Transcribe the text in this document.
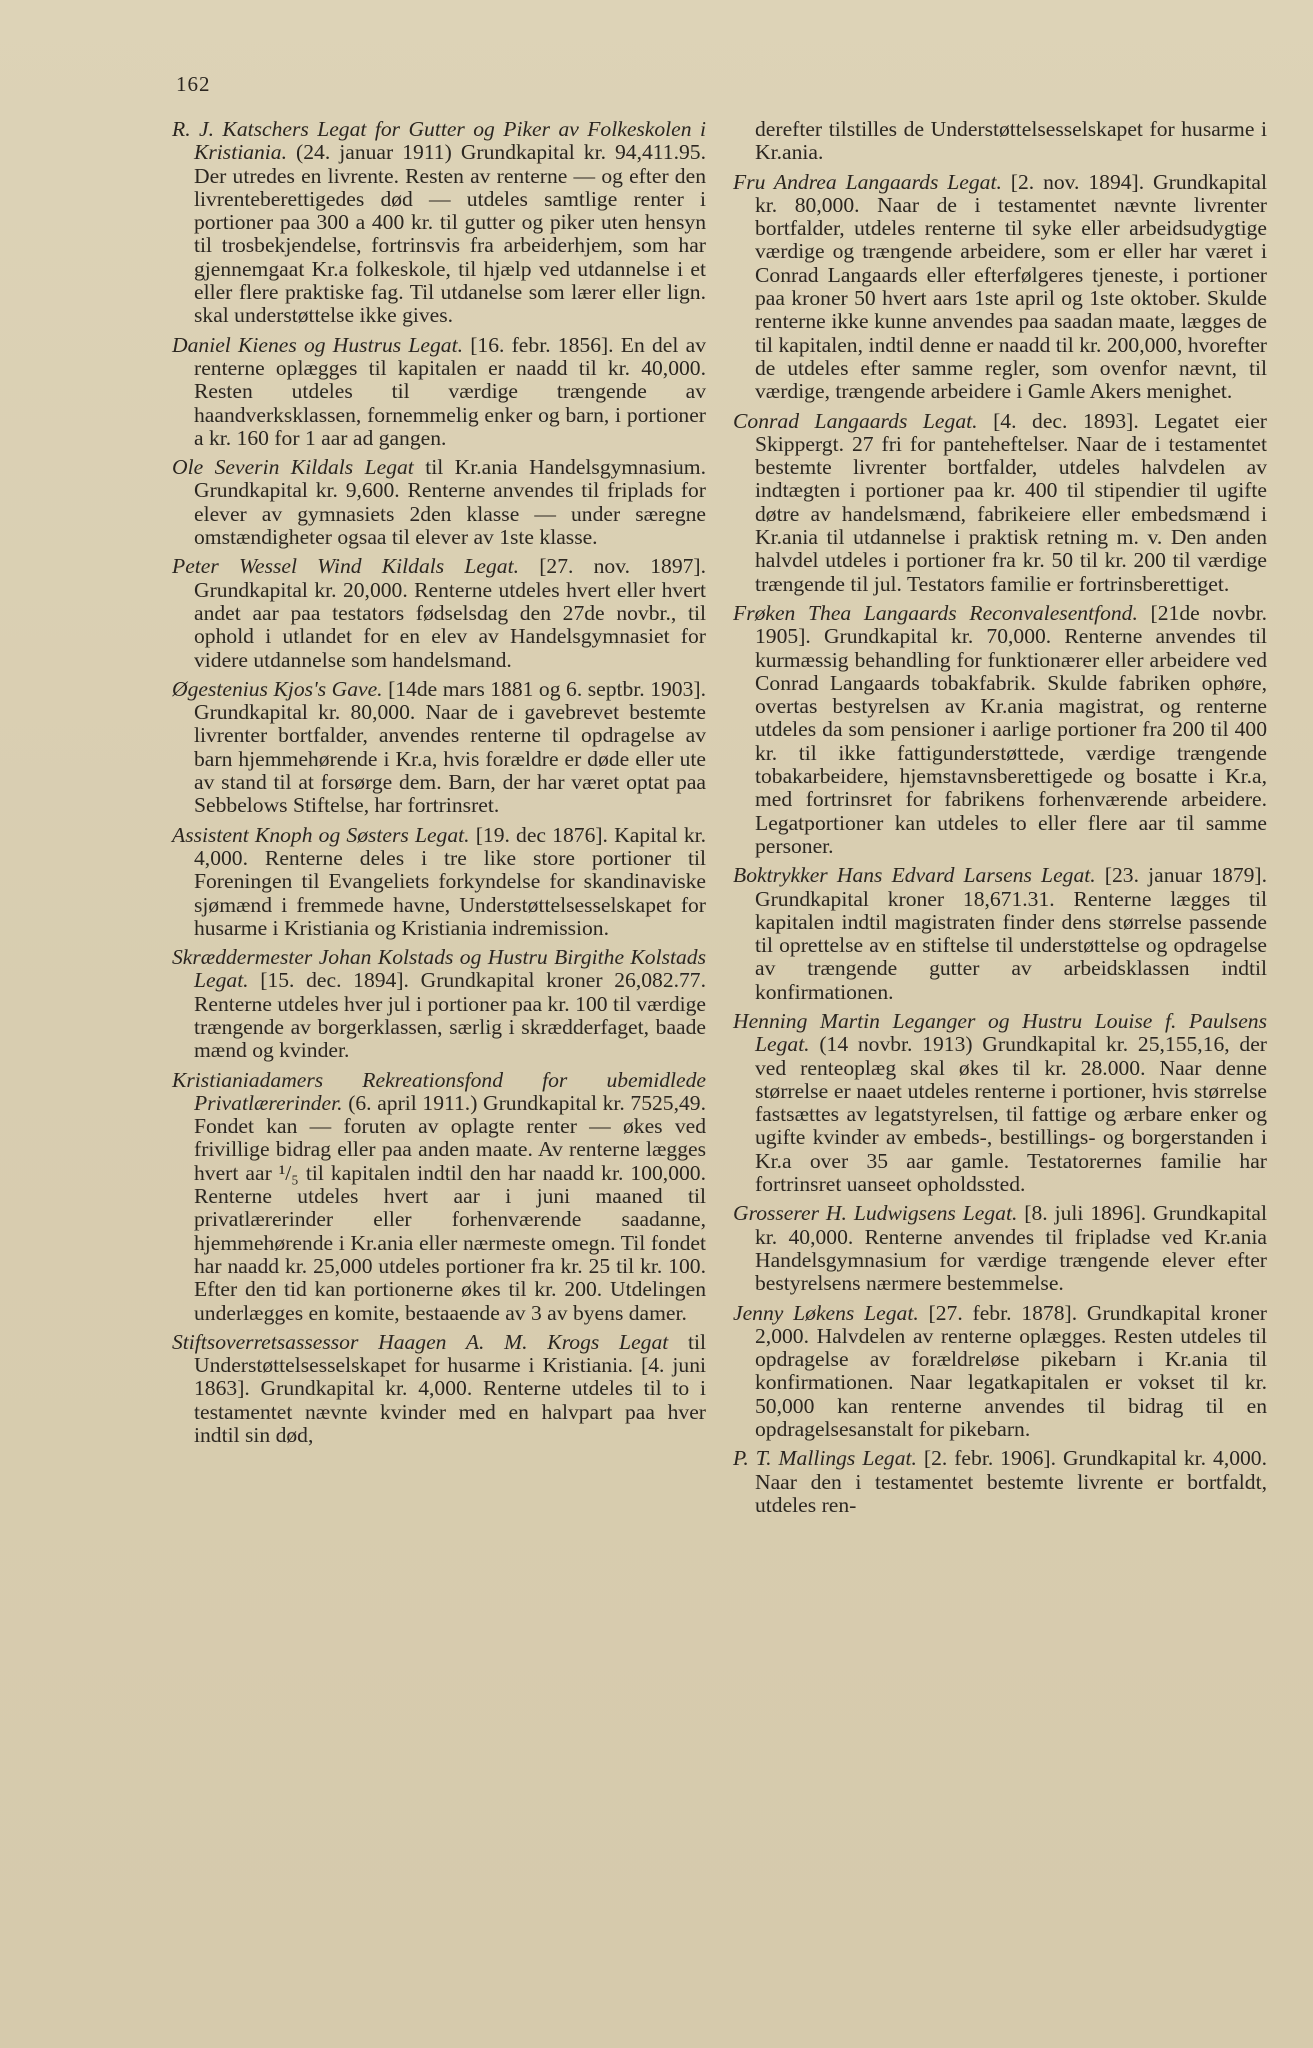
162

R. J. Katschers Legat for Gutter og Piker av Folkeskolen i Kristiania. (24. januar 1911) Grundkapital kr. 94,411.95. Der utredes en livrente. Resten av renterne — og efter den livrenteberettigedes død — utdeles samtlige renter i portioner paa 300 a 400 kr. til gutter og piker uten hensyn til trosbekjendelse, fortrinsvis fra arbeiderhjem, som har gjennemgaat Kr.a folkeskole, til hjælp ved utdannelse i et eller flere praktiske fag. Til utdanelse som lærer eller lign. skal understøttelse ikke gives.

Daniel Kienes og Hustrus Legat. [16. febr. 1856]. En del av renterne oplægges til kapitalen er naadd til kr. 40,000. Resten utdeles til værdige trængende av haandverksklassen, fornemmelig enker og barn, i portioner a kr. 160 for 1 aar ad gangen.

Ole Severin Kildals Legat til Kr.ania Handelsgymnasium. Grundkapital kr. 9,600. Renterne anvendes til friplads for elever av gymnasiets 2den klasse — under særegne omstændigheter ogsaa til elever av 1ste klasse.

Peter Wessel Wind Kildals Legat. [27. nov. 1897]. Grundkapital kr. 20,000. Renterne utdeles hvert eller hvert andet aar paa testators fødselsdag den 27de novbr., til ophold i utlandet for en elev av Handelsgymnasiet for videre utdannelse som handelsmand.

Øgestenius Kjos's Gave. [14de mars 1881 og 6. septbr. 1903]. Grundkapital kr. 80,000. Naar de i gavebrevet bestemte livrenter bortfalder, anvendes renterne til opdragelse av barn hjemmehørende i Kr.a, hvis forældre er døde eller ute av stand til at forsørge dem. Barn, der har været optat paa Sebbelows Stiftelse, har fortrinsret.

Assistent Knoph og Søsters Legat. [19. dec 1876]. Kapital kr. 4,000. Renterne deles i tre like store portioner til Foreningen til Evangeliets forkyndelse for skandinaviske sjømænd i fremmede havne, Understøttelsesselskapet for husarme i Kristiania og Kristiania indremission.

Skræddermester Johan Kolstads og Hustru Birgithe Kolstads Legat. [15. dec. 1894]. Grundkapital kroner 26,082.77. Renterne utdeles hver jul i portioner paa kr. 100 til værdige trængende av borgerklassen, særlig i skrædderfaget, baade mænd og kvinder.

Kristianiadamers Rekreationsfond for ubemidlede Privatlærerinder. (6. april 1911.) Grundkapital kr. 7525,49. Fondet kan — foruten av oplagte renter — økes ved frivillige bidrag eller paa anden maate. Av renterne lægges hvert aar ¹/₅ til kapitalen indtil den har naadd kr. 100,000. Renterne utdeles hvert aar i juni maaned til privatlærerinder eller forhenværende saadanne, hjemmehørende i Kr.ania eller nærmeste omegn. Til fondet har naadd kr. 25,000 utdeles portioner fra kr. 25 til kr. 100. Efter den tid kan portionerne økes til kr. 200. Utdelingen underlægges en komite, bestaaende av 3 av byens damer.

Stiftsoverretsassessor Haagen A. M. Krogs Legat til Understøttelsesselskapet for husarme i Kristiania. [4. juni 1863]. Grundkapital kr. 4,000. Renterne utdeles til to i testamentet nævnte kvinder med en halvpart paa hver indtil sin død,

derefter tilstilles de Understøttelsesselskapet for husarme i Kr.ania.

Fru Andrea Langaards Legat. [2. nov. 1894]. Grundkapital kr. 80,000. Naar de i testamentet nævnte livrenter bortfalder, utdeles renterne til syke eller arbeidsudygtige værdige og trængende arbeidere, som er eller har været i Conrad Langaards eller efterfølgeres tjeneste, i portioner paa kroner 50 hvert aars 1ste april og 1ste oktober. Skulde renterne ikke kunne anvendes paa saadan maate, lægges de til kapitalen, indtil denne er naadd til kr. 200,000, hvorefter de utdeles efter samme regler, som ovenfor nævnt, til værdige, trængende arbeidere i Gamle Akers menighet.

Conrad Langaards Legat. [4. dec. 1893]. Legatet eier Skippergt. 27 fri for panteheftelser. Naar de i testamentet bestemte livrenter bortfalder, utdeles halvdelen av indtægten i portioner paa kr. 400 til stipendier til ugifte døtre av handelsmænd, fabrikeiere eller embedsmænd i Kr.ania til utdannelse i praktisk retning m. v. Den anden halvdel utdeles i portioner fra kr. 50 til kr. 200 til værdige trængende til jul. Testators familie er fortrinsberettiget.

Frøken Thea Langaards Reconvalesentfond. [21de novbr. 1905]. Grundkapital kr. 70,000. Renterne anvendes til kurmæssig behandling for funktionærer eller arbeidere ved Conrad Langaards tobakfabrik. Skulde fabriken ophøre, overtas bestyrelsen av Kr.ania magistrat, og renterne utdeles da som pensioner i aarlige portioner fra 200 til 400 kr. til ikke fattigunderstøttede, værdige trængende tobakarbeidere, hjemstavnsberettigede og bosatte i Kr.a, med fortrinsret for fabrikens forhenværende arbeidere. Legatportioner kan utdeles to eller flere aar til samme personer.

Boktrykker Hans Edvard Larsens Legat. [23. januar 1879]. Grundkapital kroner 18,671.31. Renterne lægges til kapitalen indtil magistraten finder dens størrelse passende til oprettelse av en stiftelse til understøttelse og opdragelse av trængende gutter av arbeidsklassen indtil konfirmationen.

Henning Martin Leganger og Hustru Louise f. Paulsens Legat. (14 novbr. 1913) Grundkapital kr. 25,155,16, der ved renteoplæg skal økes til kr. 28.000. Naar denne størrelse er naaet utdeles renterne i portioner, hvis størrelse fastsættes av legatstyrelsen, til fattige og ærbare enker og ugifte kvinder av embeds-, bestillings- og borgerstanden i Kr.a over 35 aar gamle. Testatorernes familie har fortrinsret uanseet opholdssted.

Grosserer H. Ludwigsens Legat. [8. juli 1896]. Grundkapital kr. 40,000. Renterne anvendes til fripladse ved Kr.ania Handelsgymnasium for værdige trængende elever efter bestyrelsens nærmere bestemmelse.

Jenny Løkens Legat. [27. febr. 1878]. Grundkapital kroner 2,000. Halvdelen av renterne oplægges. Resten utdeles til opdragelse av forældreløse pikebarn i Kr.ania til konfirmationen. Naar legatkapitalen er vokset til kr. 50,000 kan renterne anvendes til bidrag til en opdragelsesanstalt for pikebarn.

P. T. Mallings Legat. [2. febr. 1906]. Grundkapital kr. 4,000. Naar den i testamentet bestemte livrente er bortfaldt, utdeles ren-
